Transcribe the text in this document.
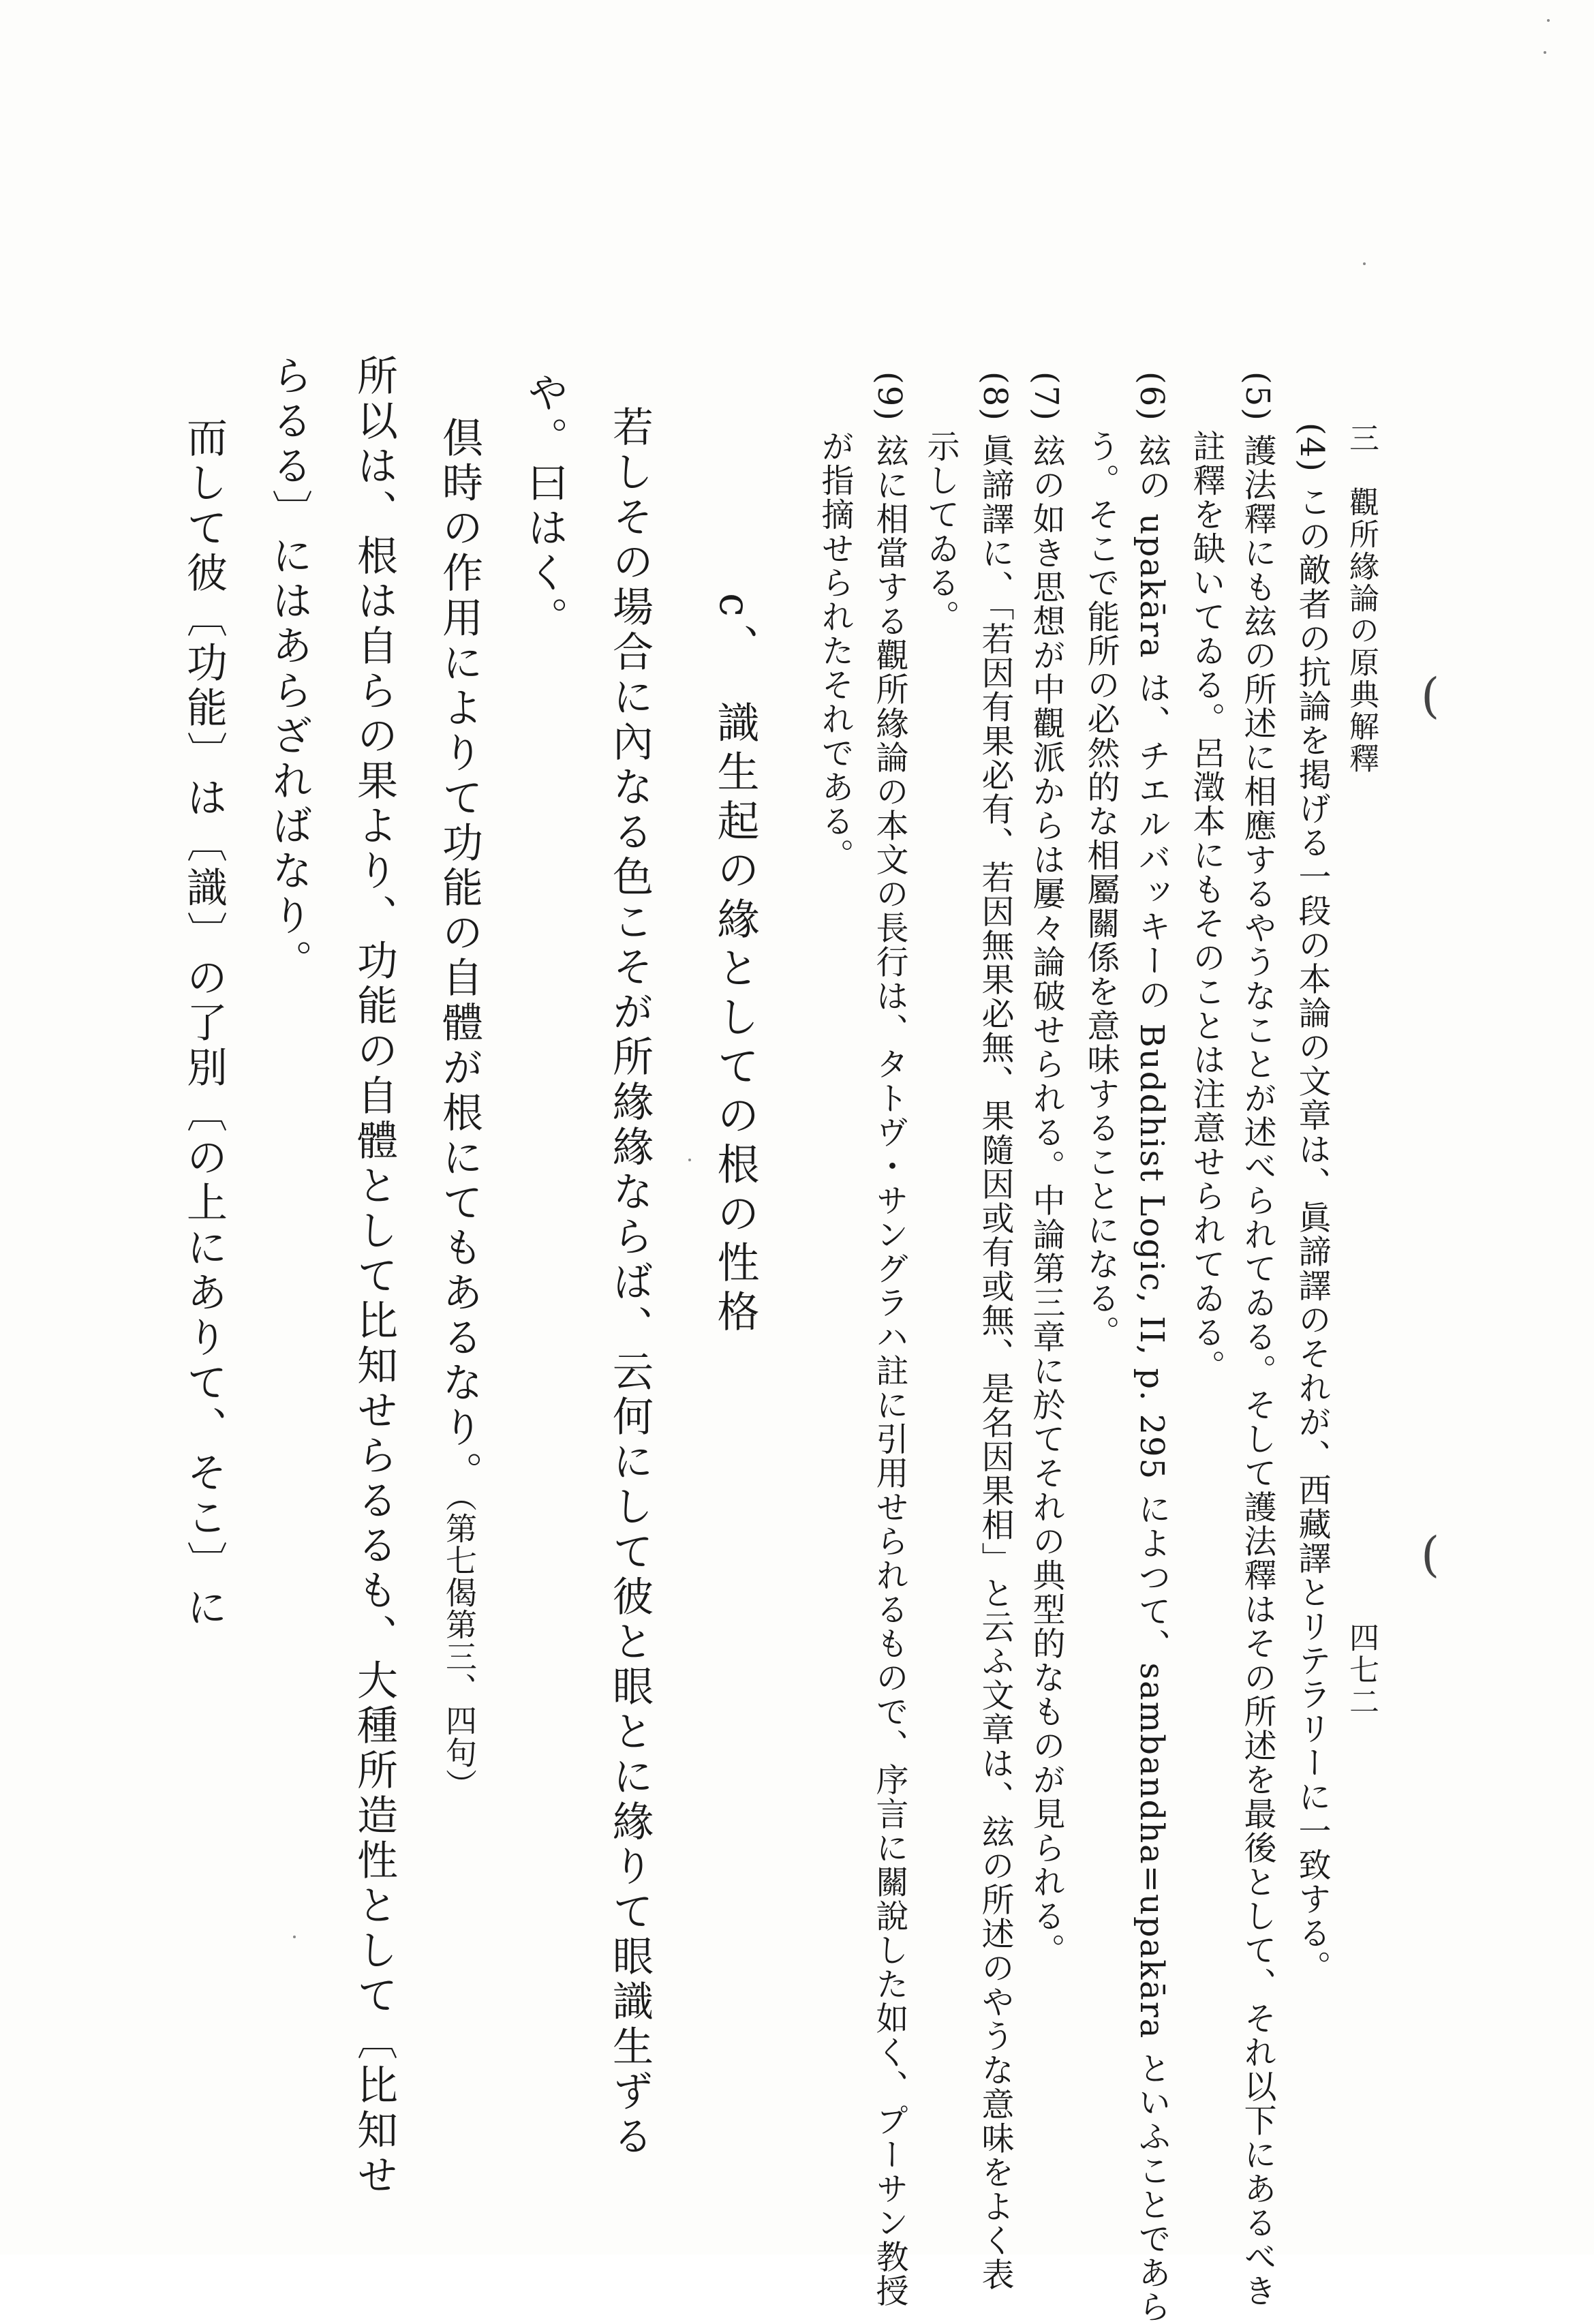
三　觀所緣論の原典解釋
四七二
(4) この敵者の抗論を掲げる一段の本論の文章は、眞諦譯のそれが、西藏譯とリテラリーに一致する。
(5) 護法釋にも玆の所述に相應するやうなことが述べられてゐる。そして護法釋はその所述を最後として、それ以下にあるべき
註釋を缺いてゐる。呂澂本にもそのことは注意せられてゐる。
(6) 玆の upakāra は、チエルバッキーの Buddhist Logic, II, p. 295 によつて、sambandha=upakāra といふことであら
う。そこで能所の必然的な相屬關係を意味することになる。
(7) 玆の如き思想が中觀派からは屢々論破せられる。中論第三章に於てそれの典型的なものが見られる。
(8) 眞諦譯に、「若因有果必有、若因無果必無、果隨因或有或無、是名因果相」と云ふ文章は、玆の所述のやうな意味をよく表
示してゐる。
(9) 玆に相當する觀所緣論の本文の長行は、タトヴ・サングラハ註に引用せられるもので、序言に關說した如く、プーサン教授
が指摘せられたそれである。
c、　識生起の緣としての根の性格
若しその場合に內なる色こそが所緣緣ならば、云何にして彼と眼とに緣りて眼識生ずる
や。曰はく。
　倶時の作用によりて功能の自體が根にてもあるなり。（第七偈第三、四句）
所以は、根は自らの果より、功能の自體として比知せらるるも、大種所造性として〔比知せ
らるる〕にはあらざればなり。
　而して彼〔功能〕は〔識〕の了別〔の上にありて、そこ〕に	(
(
